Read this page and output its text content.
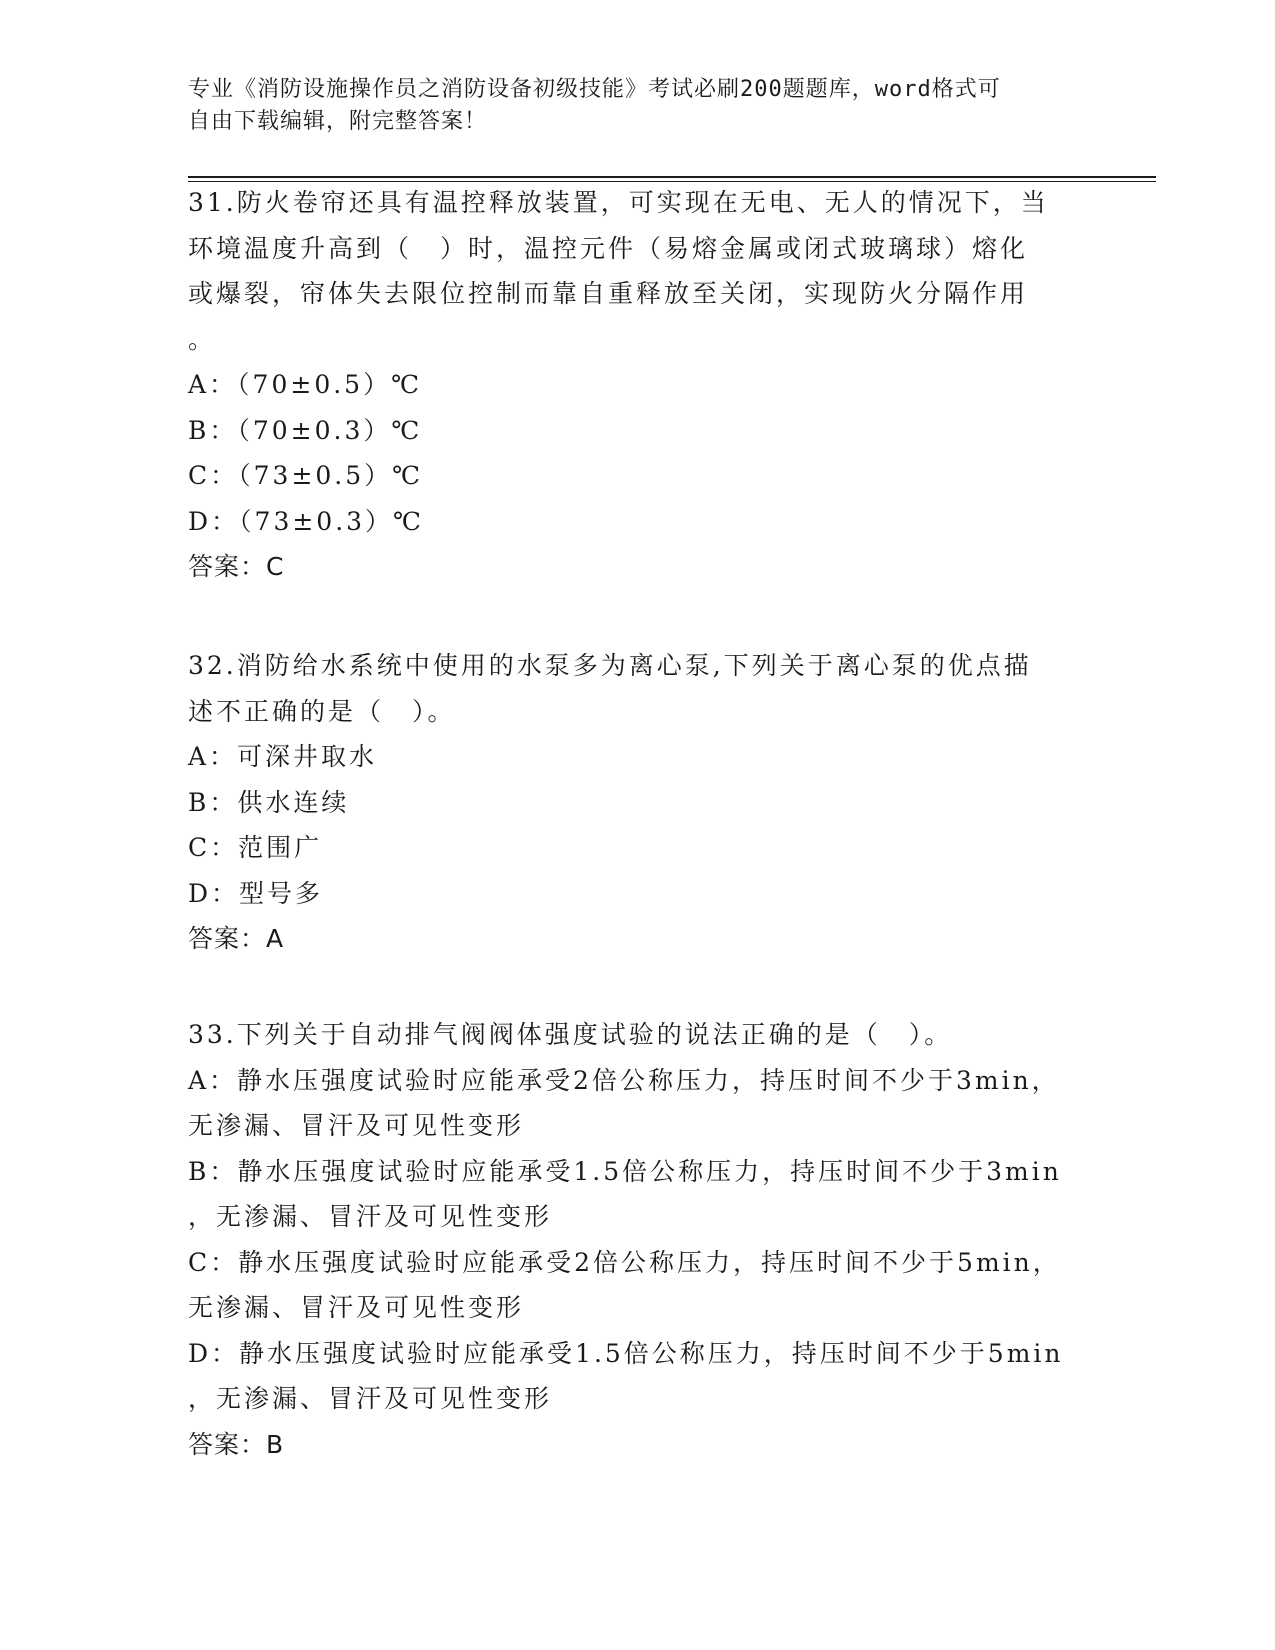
专业《消防设施操作员之消防设备初级技能》考试必刷200题题库，word格式可
自由下载编辑，附完整答案！
31.防火卷帘还具有温控释放装置，可实现在无电、无人的情况下，当
环境温度升高到（　）时，温控元件（易熔金属或闭式玻璃球）熔化
或爆裂，帘体失去限位控制而靠自重释放至关闭，实现防火分隔作用
。
A：（70±0.5）℃
B：（70±0.3）℃
C：（73±0.5）℃
D：（73±0.3）℃
答案：C
32.消防给水系统中使用的水泵多为离心泵,下列关于离心泵的优点描
述不正确的是（　）。
A：可深井取水
B：供水连续
C：范围广
D：型号多
答案：A
33.下列关于自动排气阀阀体强度试验的说法正确的是（　）。
A：静水压强度试验时应能承受2倍公称压力，持压时间不少于3min，
无渗漏、冒汗及可见性变形
B：静水压强度试验时应能承受1.5倍公称压力，持压时间不少于3min
，无渗漏、冒汗及可见性变形
C：静水压强度试验时应能承受2倍公称压力，持压时间不少于5min，
无渗漏、冒汗及可见性变形
D：静水压强度试验时应能承受1.5倍公称压力，持压时间不少于5min
，无渗漏、冒汗及可见性变形
答案：B
